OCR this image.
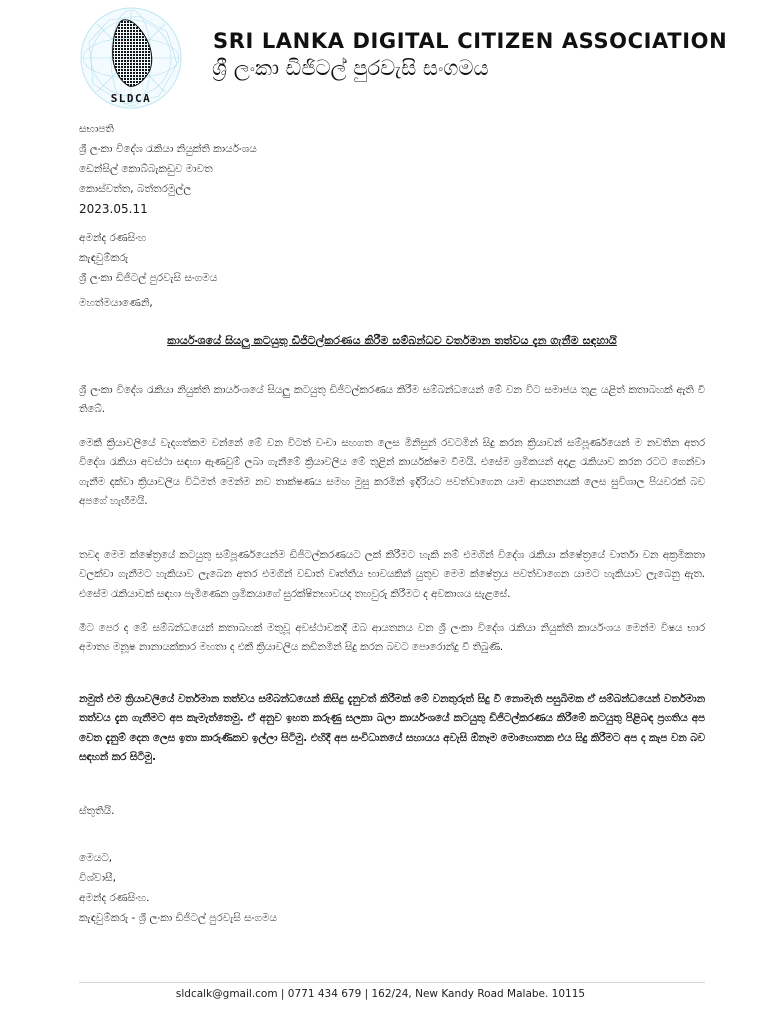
SLDCA
SRI LANKA DIGITAL CITIZEN ASSOCIATION
ශ්‍රී ලංකා ඩිජිටල් පුරවැසි සංගමය
සභාපති
ශ්‍රී ලංකා විදේශ රැකියා නියුක්ති කාර්යංශය
ඩෙන්සිල් කොබ්බැකඩුව මාවත
කොස්වත්ත, බත්තරමුල්ල
2023.05.11
අමන්ද රණසිංහ
කැඳවුම්කරු
ශ්‍රී ලංකා ඩිජිටල් පුරවැසි සංගමය
මහත්මයාණෙනි,
කාර්යංශයේ සියලු කටයුතු ඩිජිටල්කරණය කිරීම සම්බන්ධව වර්තමාන තත්වය දැන ගැනීම සඳහායි
ශ්‍රී ලංකා විදේශ රැකියා නියුක්ති කාර්යංශයේ සියලු කටයුතු ඩිජිටල්කරණය කිරීම සම්බන්ධයෙන් මේ වන විට සමාජය තුළ යළිත් කතාබහක් ඇති වී තිබේ.
මෙකී ක්‍රියාවලියේ වැදගත්කම වන්නේ මේ වන විටත් වංචා සහගත ලෙස මිනිසුන් රවටමින් සිදු කරන ක්‍රියාවන් සම්පූර්ණයෙන් ම නවතින අතර විදේශ රැකියා අවස්ථා සඳහා ඇණවුම් ලබා ගැනීමේ ක්‍රියාවලිය මේ තුළින් කාර්යක්ෂම වීමයි. එසේම ශ්‍රමිකයන් අදාළ රැකියාව කරන රටට ගෙන්වා ගැනීම දක්වා ක්‍රියාවලිය විධිමත් මෙන්ම නව තාක්ෂණය සමඟ මුසු කරමින් ඉදිරියට පවත්වාගෙන යාම ආයතනයක් ලෙස සුවිශාල පියවරක් බව අපගේ හැඟීමයි.
තවද මෙම ක්ෂේත්‍රයේ කටයුතු සම්පූර්ණයෙන්ම ඩිජිටල්කරණයට ලක් කිරීමට හැකි නම් එමගින් විදේශ රැකියා ක්ෂේත්‍රයේ වාර්තා වන අක්‍රමිකතා වලක්වා ගැනීමට හැකියාව ලැබෙන අතර එමගින් වඩාත් වෘත්තීය භාවයකින් යුතුව මෙම ක්ෂේත්‍රය පවත්වාගෙන යාමට හැකියාව ලැබෙනු ඇත. එසේම රැකියාවක් සඳහා පැමිණෙන ශ්‍රමිකයාගේ සුරක්ෂිතභාවයද තහවුරු කිරීමට ද අවකාශය සැළසේ.
මීට පෙර ද මේ සම්බන්ධයෙන් කතාබහක් මතුවූ අවස්ථාවකදී ඔබ ආයතනය වන ශ්‍රී ලංකා විදේශ රැකියා නියුක්ති කාර්යංශය මෙන්ම විෂය භාර අමාත්‍ය මනූෂ නානායක්කාර මහතා ද එකී ක්‍රියාවලිය කඩිනමින් සිදු කරන බවට පොරොන්දු වී තිබුණි.
නමුත් එම ක්‍රියාවලියේ වර්තමාන තත්වය සම්බන්ධයෙන් කිසිදු දැනුවත් කිරීමක් මේ වනතුරුත් සිදු වී නොමැති පසුබිමක ඒ සම්බන්ධයෙන් වර්තමාන තත්වය දැන ගැනීමට අප කැමැත්තෙමු. ඒ අනුව ඉහත කරුණු සලකා බලා කාර්යංශයේ කටයුතු ඩිජිටල්කරණය කිරීමේ කටයුතු පිළිබඳ ප්‍රගතිය අප වෙත දැනුම් දෙන ලෙස ඉතා කාරුණිකව ඉල්ලා සිටිමු. එහිදී අප සංවිධානයේ සහායය අවැසි ඕනෑම මොහොතක එය සිදු කිරීමට අප ද කැප වන බව සඳහන් කර සිටිමු.
ස්තුතියි.
මෙයට,
විශ්වාසී,
අමන්ද රණසිංහ.
කැඳවුම්කරු - ශ්‍රී ලංකා ඩිජිටල් පුරවැසි සංගමය
sldcalk@gmail.com | 0771 434 679 | 162/24, New Kandy Road Malabe. 10115
